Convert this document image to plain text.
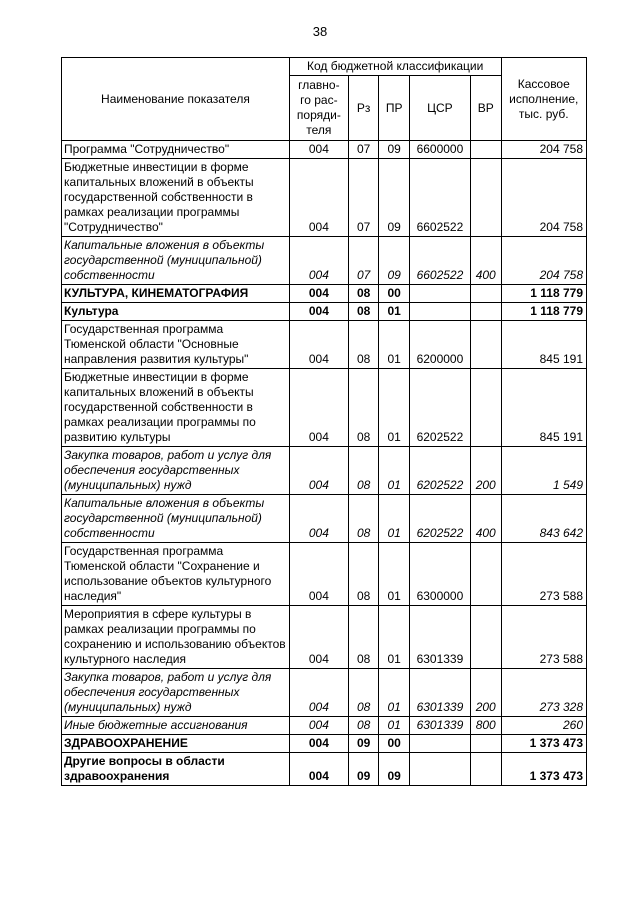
38
Наименование показателя	Код бюджетной классификации					Кассовое исполнение, тыс. руб.
	главно-
го рас-
поряди-
теля	Рз	ПР	ЦСР	ВР	
Программа "Сотрудничество"	004	07	09	6600000		204 758
Бюджетные инвестиции в форме капитальных вложений в объекты государственной собственности в рамках реализации программы "Сотрудничество"	004	07	09	6602522		204 758
Капитальные вложения в объекты государственной (муниципальной) собственности	004	07	09	6602522	400	204 758
КУЛЬТУРА, КИНЕМАТОГРАФИЯ	004	08	00			1 118 779
Культура	004	08	01			1 118 779
Государственная программа Тюменской области "Основные направления развития культуры"	004	08	01	6200000		845 191
Бюджетные инвестиции в форме капитальных вложений в объекты государственной собственности в рамках реализации программы по развитию культуры	004	08	01	6202522		845 191
Закупка товаров, работ и услуг для обеспечения государственных (муниципальных) нужд	004	08	01	6202522	200	1 549
Капитальные вложения в объекты государственной (муниципальной) собственности	004	08	01	6202522	400	843 642
Государственная программа Тюменской области "Сохранение и использование объектов культурного наследия"	004	08	01	6300000		273 588
Мероприятия в сфере культуры в рамках реализации программы по сохранению и использованию объектов культурного наследия	004	08	01	6301339		273 588
Закупка товаров, работ и услуг для обеспечения государственных (муниципальных) нужд	004	08	01	6301339	200	273 328
Иные бюджетные ассигнования	004	08	01	6301339	800	260
ЗДРАВООХРАНЕНИЕ	004	09	00			1 373 473
Другие вопросы в области здравоохранения	004	09	09			1 373 473
